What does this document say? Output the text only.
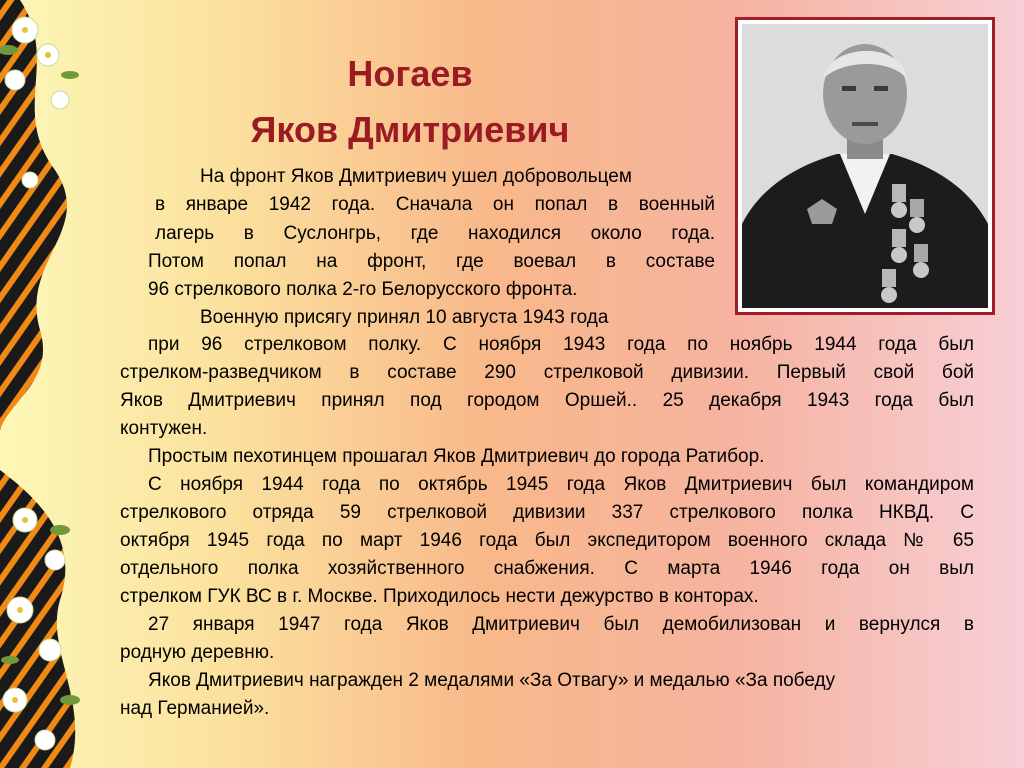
Ногаев
Яков Дмитриевич
На фронт Яков Дмитриевич ушел добровольцем
в январе 1942 года. Сначала он попал в военный
лагерь в Суслонгрь, где находился около года.
Потом попал на фронт, где воевал в составе
96 стрелкового полка 2-го Белорусского фронта.
Военную присягу принял 10 августа 1943 года
при 96 стрелковом полку. С ноября 1943 года по ноябрь 1944 года был
стрелком-разведчиком в составе 290 стрелковой дивизии. Первый свой бой
Яков Дмитриевич принял под городом Оршей.. 25 декабря 1943 года был
контужен.
Простым пехотинцем прошагал Яков Дмитриевич до города Ратибор.
С ноября 1944 года по октябрь 1945 года Яков Дмитриевич был командиром
стрелкового отряда 59 стрелковой дивизии 337 стрелкового полка НКВД. С
октября 1945 года по март 1946 года был экспедитором военного склада № 65
отдельного полка хозяйственного снабжения. С марта 1946 года он выл
стрелком ГУК ВС в г. Москве. Приходилось нести дежурство в конторах.
27 января 1947 года Яков Дмитриевич был демобилизован и вернулся в
родную деревню.
Яков Дмитриевич награжден 2 медалями «За Отвагу» и медалью «За победу
над Германией».
